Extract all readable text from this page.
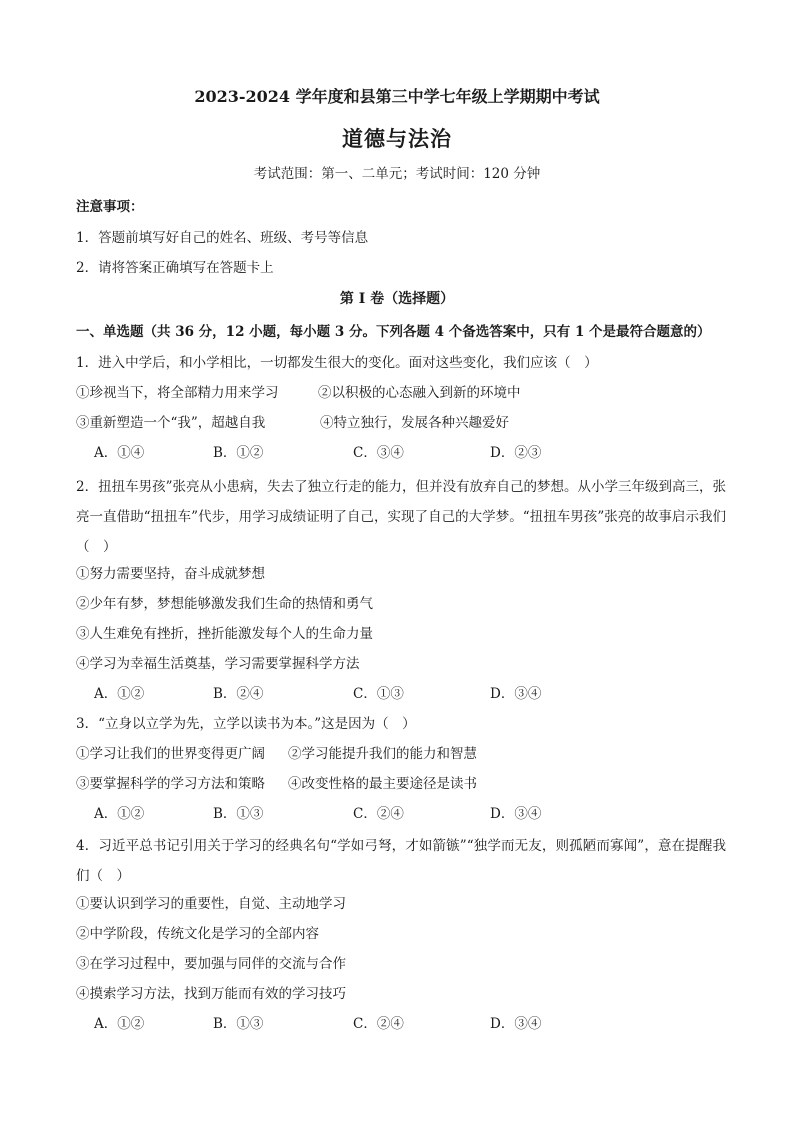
2023-2024 学年度和县第三中学七年级上学期期中考试
道德与法治
考试范围：第一、二单元；考试时间：120 分钟
注意事项：
1．答题前填写好自己的姓名、班级、考号等信息
2．请将答案正确填写在答题卡上
第 I 卷（选择题）
一、单选题（共 36 分，12 小题，每小题 3 分。下列各题 4 个备选答案中，只有 1 个是最符合题意的）
1．进入中学后，和小学相比，一切都发生很大的变化。面对这些变化，我们应该（　）
①珍视当下，将全部精力用来学习	②以积极的心态融入到新的环境中
③重新塑造一个“我”，超越自我	④特立独行，发展各种兴趣爱好
A．①④	B．①②	C．③④	D．②③
2．扭扭车男孩”张亮从小患病，失去了独立行走的能力，但并没有放弃自己的梦想。从小学三年级到高三，张亮一直借助“扭扭车”代步，用学习成绩证明了自己，实现了自己的大学梦。“扭扭车男孩”张亮的故事启示我们（　）
①努力需要坚持，奋斗成就梦想
②少年有梦，梦想能够激发我们生命的热情和勇气
③人生难免有挫折，挫折能激发每个人的生命力量
④学习为幸福生活奠基，学习需要掌握科学方法
A．①②	B．②④	C．①③	D．③④
3．“立身以立学为先，立学以读书为本。”这是因为（　）
①学习让我们的世界变得更广阔 ②学习能提升我们的能力和智慧
③要掌握科学的学习方法和策略 ④改变性格的最主要途径是读书
A．①②	B．①③	C．②④	D．③④
4．习近平总书记引用关于学习的经典名句“学如弓弩，才如箭镞”“独学而无友，则孤陋而寡闻”，意在提醒我们（　）
①要认识到学习的重要性，自觉、主动地学习
②中学阶段，传统文化是学习的全部内容
③在学习过程中，要加强与同伴的交流与合作
④摸索学习方法，找到万能而有效的学习技巧
A．①②	B．①③	C．②④	D．③④
